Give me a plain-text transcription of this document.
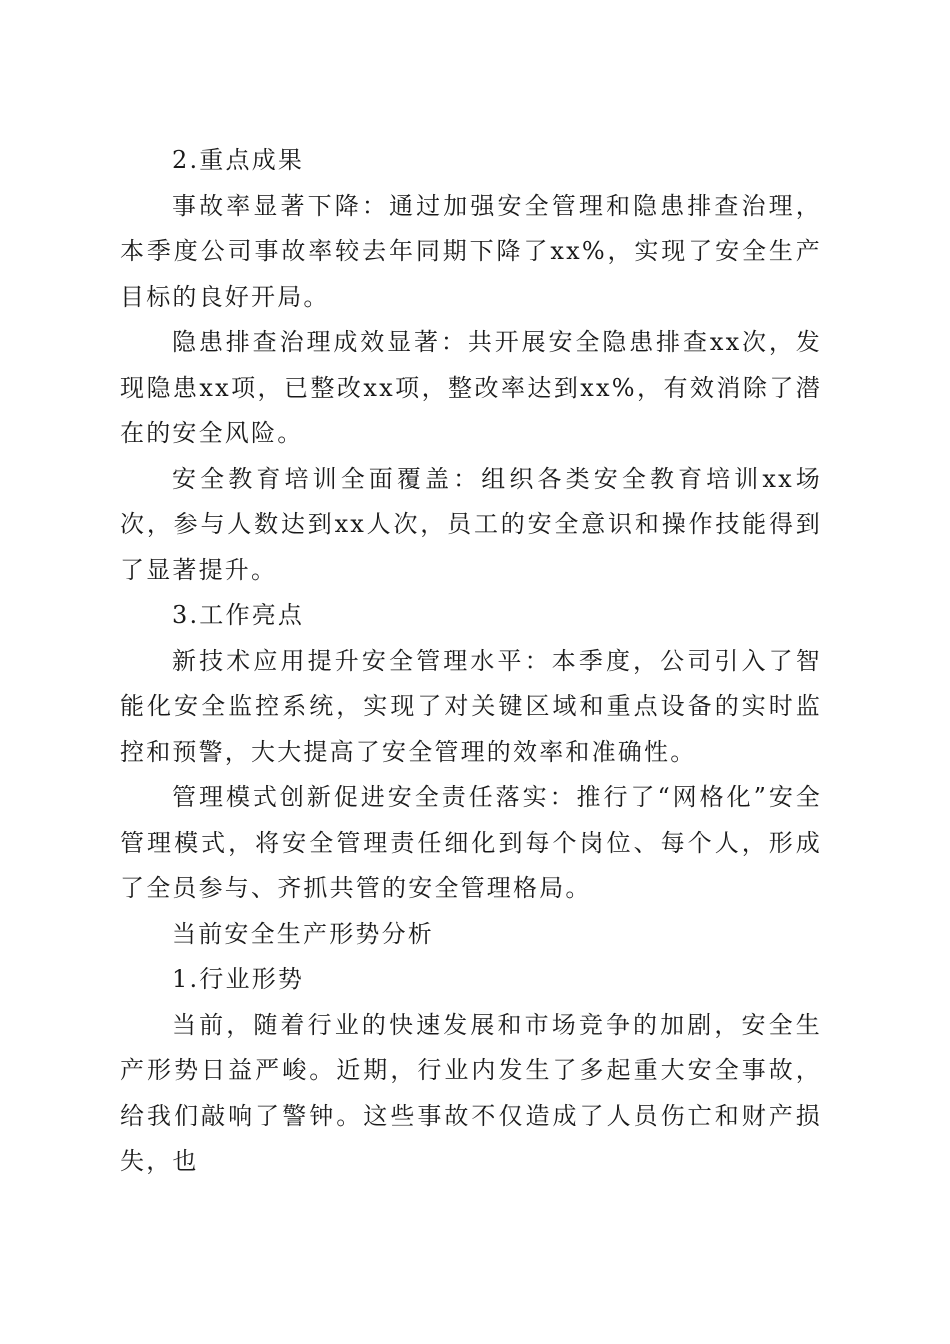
2.重点成果

事故率显著下降：通过加强安全管理和隐患排查治理，本季度公司事故率较去年同期下降了xx%，实现了安全生产目标的良好开局。

隐患排查治理成效显著：共开展安全隐患排查xx次，发现隐患xx项，已整改xx项，整改率达到xx%，有效消除了潜在的安全风险。

安全教育培训全面覆盖：组织各类安全教育培训xx场次，参与人数达到xx人次，员工的安全意识和操作技能得到了显著提升。

3.工作亮点

新技术应用提升安全管理水平：本季度，公司引入了智能化安全监控系统，实现了对关键区域和重点设备的实时监控和预警，大大提高了安全管理的效率和准确性。

管理模式创新促进安全责任落实：推行了“网格化”安全管理模式，将安全管理责任细化到每个岗位、每个人，形成了全员参与、齐抓共管的安全管理格局。

当前安全生产形势分析

1.行业形势

当前，随着行业的快速发展和市场竞争的加剧，安全生产形势日益严峻。近期，行业内发生了多起重大安全事故，给我们敲响了警钟。这些事故不仅造成了人员伤亡和财产损失，也
